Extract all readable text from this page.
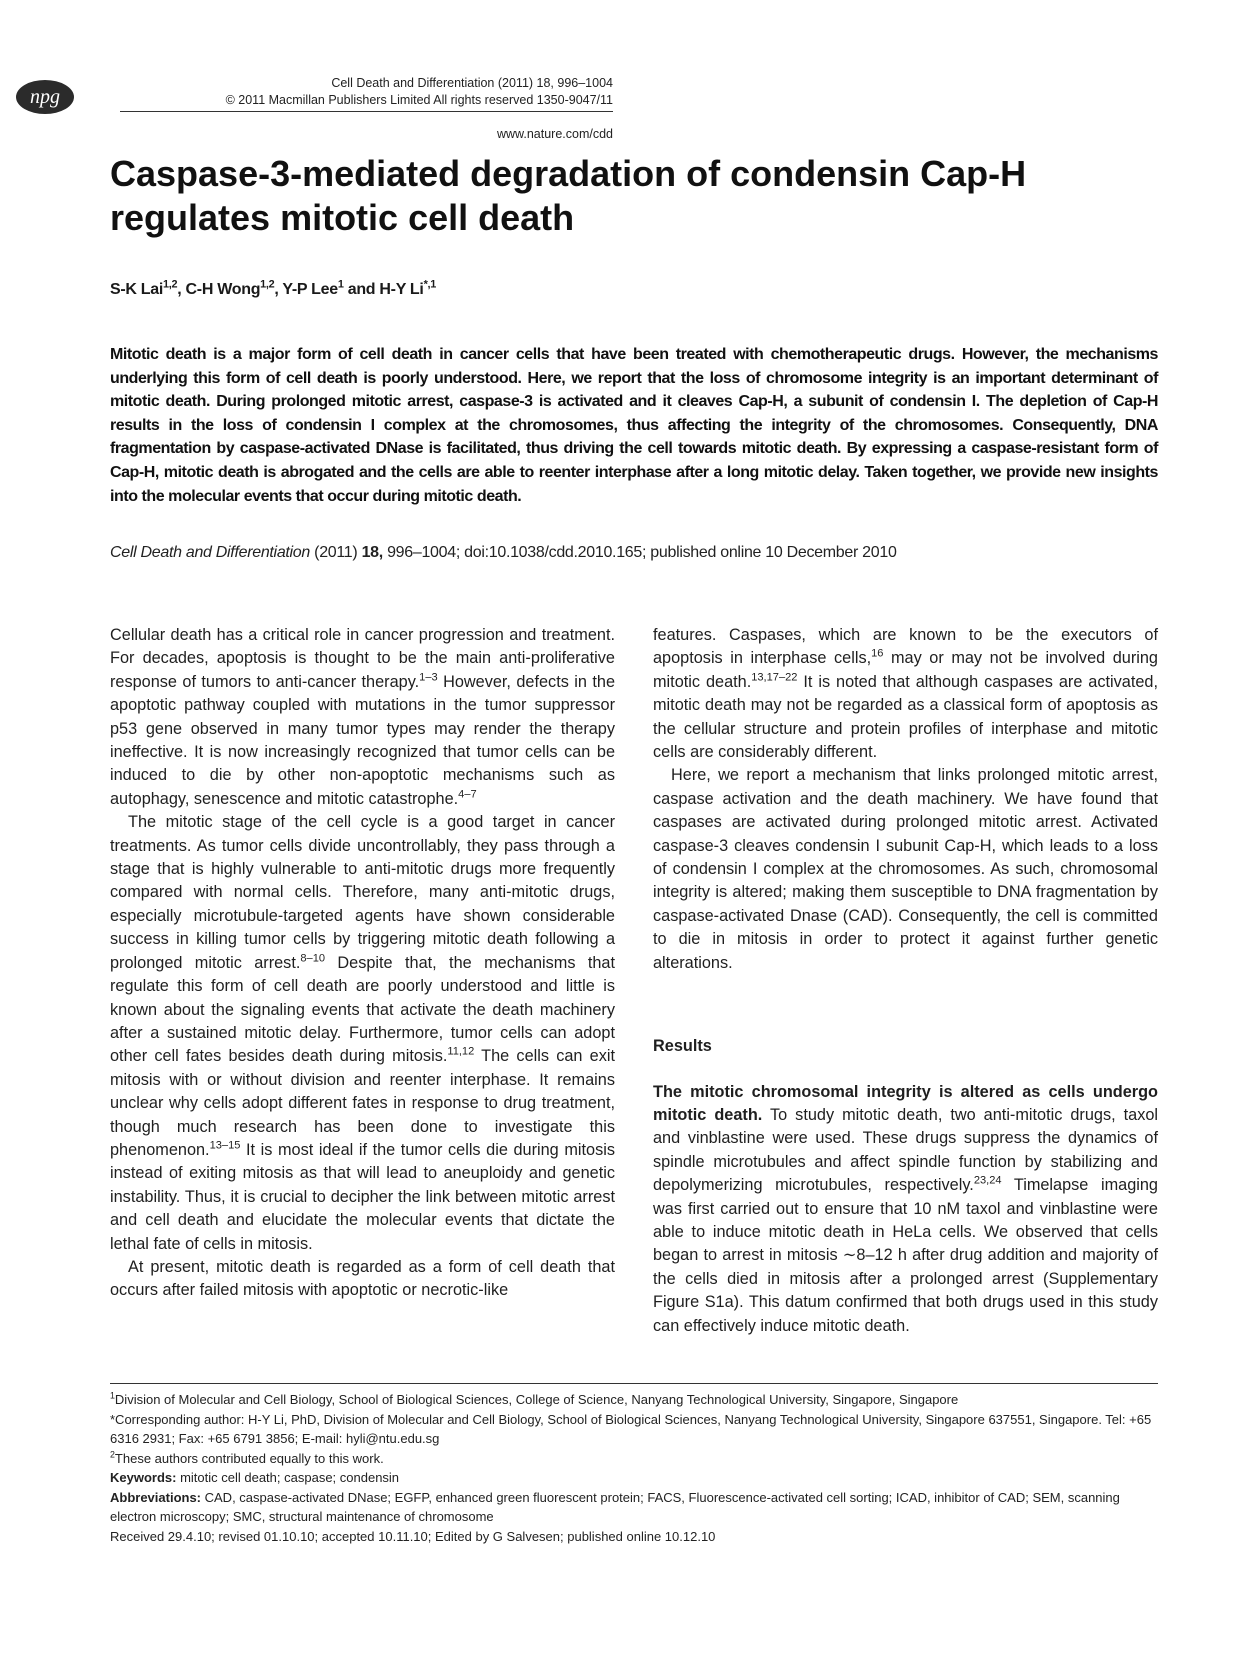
npg
Cell Death and Differentiation (2011) 18, 996–1004
© 2011 Macmillan Publishers Limited All rights reserved 1350-9047/11
www.nature.com/cdd
Caspase-3-mediated degradation of condensin Cap-H regulates mitotic cell death
S-K Lai$^{1,2}$, C-H Wong$^{1,2}$, Y-P Lee$^1$ and H-Y $Li^{*,1}$

Mitotic death is a major form of cell death in cancer cells that have been treated with chemotherapeutic drugs. However, the mechanisms underlying this form of cell death is poorly understood. Here, we report that the loss of chromosome integrity is an important determinant of mitotic death. During prolonged mitotic arrest, caspase-3 is activated and it cleaves Cap-H, a subunit of condensin I. The depletion of Cap-H results in the loss of condensin I complex at the chromosomes, thus affecting the integrity of the chromosomes. Consequently, DNA fragmentation by caspase-activated DNase is facilitated, thus driving the cell towards mitotic death. By expressing a caspase-resistant form of Cap-H, mitotic death is abrogated and the cells are able to reenter interphase after a long mitotic delay. Taken together, we provide new insights into the molecular events that occur during mitotic death.

Cell Death and Differentiation (2011) 18, 996–1004; doi:10.1038/cdd.2010.165; published online 10 December 2010

Cellular death has a critical role in cancer progression and treatment. For decades, apoptosis is thought to be the main anti-proliferative response of tumors to anti-cancer therapy.$^{1-3}$ However, defects in the apoptotic pathway coupled with mutations in the tumor suppressor p53 gene observed in many tumor types may render the therapy ineffective. It is now increasingly recognized that tumor cells can be induced to die by other non-apoptotic mechanisms such as autophagy, senescence and mitotic catastrophe.$^{4-7}$

The mitotic stage of the cell cycle is a good target in cancer treatments. As tumor cells divide uncontrollably, they pass through a stage that is highly vulnerable to anti-mitotic drugs more frequently compared with normal cells. Therefore, many anti-mitotic drugs, especially microtubule-targeted agents have shown considerable success in killing tumor cells by triggering mitotic death following a prolonged mitotic arrest.$^{8-10}$ Despite that, the mechanisms that regulate this form of cell death are poorly understood and little is known about the signaling events that activate the death machinery after a sustained mitotic delay. Furthermore, tumor cells can adopt other cell fates besides death during mitosis.$^{11,12}$ The cells can exit mitosis with or without division and reenter interphase. It remains unclear why cells adopt different fates in response to drug treatment, though much research has been done to investigate this phenomenon.$^{13-15}$ It is most ideal if the tumor cells die during mitosis instead of exiting mitosis as that will lead to aneuploidy and genetic instability. Thus, it is crucial to decipher the link between mitotic arrest and cell death and elucidate the molecular events that dictate the lethal fate of cells in mitosis.

At present, mitotic death is regarded as a form of cell death that occurs after failed mitosis with apoptotic or necrotic-like

features. Caspases, which are known to be the executors of apoptosis in interphase cells,$^{16}$ may or may not be involved during mitotic death.$^{13,17-22}$ It is noted that although caspases are activated, mitotic death may not be regarded as a classical form of apoptosis as the cellular structure and protein profiles of interphase and mitotic cells are considerably different.

Here, we report a mechanism that links prolonged mitotic arrest, caspase activation and the death machinery. We have found that caspases are activated during prolonged mitotic arrest. Activated caspase-3 cleaves condensin I subunit Cap-H, which leads to a loss of condensin I complex at the chromosomes. As such, chromosomal integrity is altered; making them susceptible to DNA fragmentation by caspase-activated Dnase (CAD). Consequently, the cell is committed to die in mitosis in order to protect it against further genetic alterations.

Results

The mitotic chromosomal integrity is altered as cells undergo mitotic death. To study mitotic death, two anti-mitotic drugs, taxol and vinblastine were used. These drugs suppress the dynamics of spindle microtubules and affect spindle function by stabilizing and depolymerizing microtubules, respectively.$^{23,24}$ Timelapse imaging was first carried out to ensure that 10 nM taxol and vinblastine were able to induce mitotic death in HeLa cells. We observed that cells began to arrest in mitosis ∼8–12 h after drug addition and majority of the cells died in mitosis after a prolonged arrest (Supplementary Figure S1a). This datum confirmed that both drugs used in this study can effectively induce mitotic death.

$^1$Division of Molecular and Cell Biology, School of Biological Sciences, College of Science, Nanyang Technological University, Singapore, Singapore
*Corresponding author: H-Y Li, PhD, Division of Molecular and Cell Biology, School of Biological Sciences, Nanyang Technological University, Singapore 637551, Singapore. Tel: +65 6316 2931; Fax: +65 6791 3856; E-mail: hyli@ntu.edu.sg
$^2$These authors contributed equally to this work.
Keywords: mitotic cell death; caspase; condensin
Abbreviations: CAD, caspase-activated DNase; EGFP, enhanced green fluorescent protein; FACS, Fluorescence-activated cell sorting; ICAD, inhibitor of CAD; SEM, scanning electron microscopy; SMC, structural maintenance of chromosome
Received 29.4.10; revised 01.10.10; accepted 10.11.10; Edited by G Salvesen; published online 10.12.10
